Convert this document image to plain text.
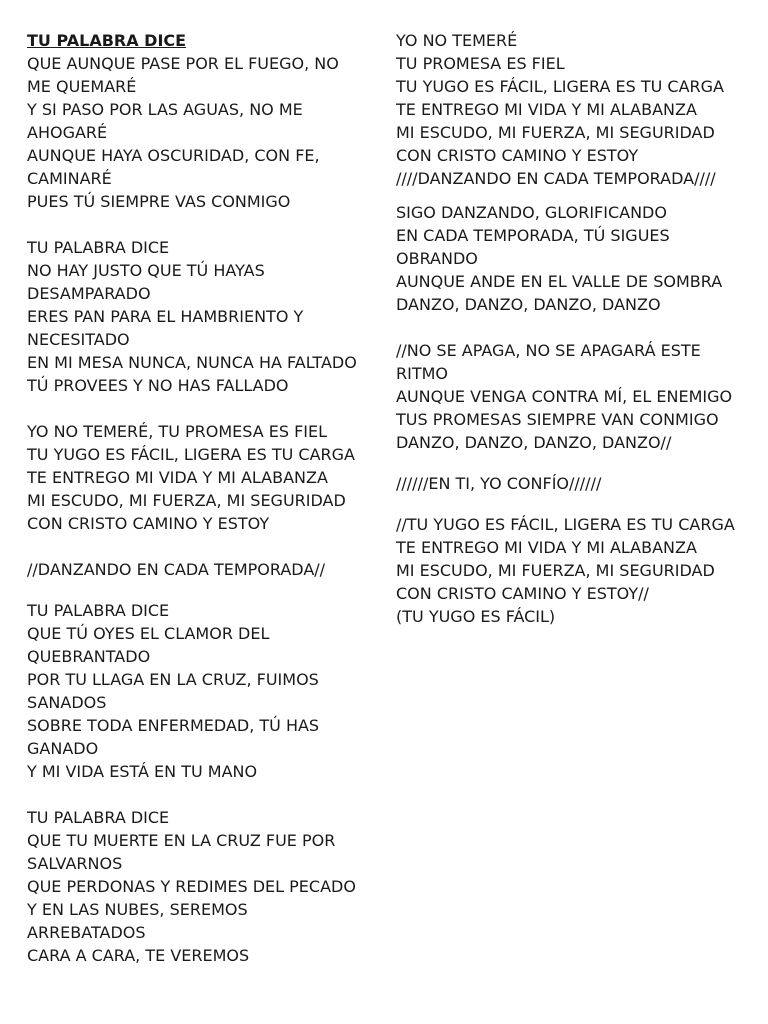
TU PALABRA DICE
QUE AUNQUE PASE POR EL FUEGO, NO ME QUEMARÉ
Y SI PASO POR LAS AGUAS, NO ME AHOGARÉ
AUNQUE HAYA OSCURIDAD, CON FE, CAMINARÉ
PUES TÚ SIEMPRE VAS CONMIGO
TU PALABRA DICE
NO HAY JUSTO QUE TÚ HAYAS DESAMPARADO
ERES PAN PARA EL HAMBRIENTO Y NECESITADO
EN MI MESA NUNCA, NUNCA HA FALTADO
TÚ PROVEES Y NO HAS FALLADO
YO NO TEMERÉ, TU PROMESA ES FIEL
TU YUGO ES FÁCIL, LIGERA ES TU CARGA
TE ENTREGO MI VIDA Y MI ALABANZA
MI ESCUDO, MI FUERZA, MI SEGURIDAD
CON CRISTO CAMINO Y ESTOY
//DANZANDO EN CADA TEMPORADA//
TU PALABRA DICE
QUE TÚ OYES EL CLAMOR DEL QUEBRANTADO
POR TU LLAGA EN LA CRUZ, FUIMOS SANADOS
SOBRE TODA ENFERMEDAD, TÚ HAS GANADO
Y MI VIDA ESTÁ EN TU MANO
TU PALABRA DICE
QUE TU MUERTE EN LA CRUZ FUE POR SALVARNOS
QUE PERDONAS Y REDIMES DEL PECADO
Y EN LAS NUBES, SEREMOS ARREBATADOS
CARA A CARA, TE VEREMOS
YO NO TEMERÉ
TU PROMESA ES FIEL
TU YUGO ES FÁCIL, LIGERA ES TU CARGA
TE ENTREGO MI VIDA Y MI ALABANZA
MI ESCUDO, MI FUERZA, MI SEGURIDAD
CON CRISTO CAMINO Y ESTOY
////DANZANDO EN CADA TEMPORADA////
SIGO DANZANDO, GLORIFICANDO
EN CADA TEMPORADA, TÚ SIGUES OBRANDO
AUNQUE ANDE EN EL VALLE DE SOMBRA
DANZO, DANZO, DANZO, DANZO
//NO SE APAGA, NO SE APAGARÁ ESTE RITMO
AUNQUE VENGA CONTRA MÍ, EL ENEMIGO
TUS PROMESAS SIEMPRE VAN CONMIGO
DANZO, DANZO, DANZO, DANZO//
//////EN TI, YO CONFÍO//////
//TU YUGO ES FÁCIL, LIGERA ES TU CARGA
TE ENTREGO MI VIDA Y MI ALABANZA
MI ESCUDO, MI FUERZA, MI SEGURIDAD
CON CRISTO CAMINO Y ESTOY//
(TU YUGO ES FÁCIL)
